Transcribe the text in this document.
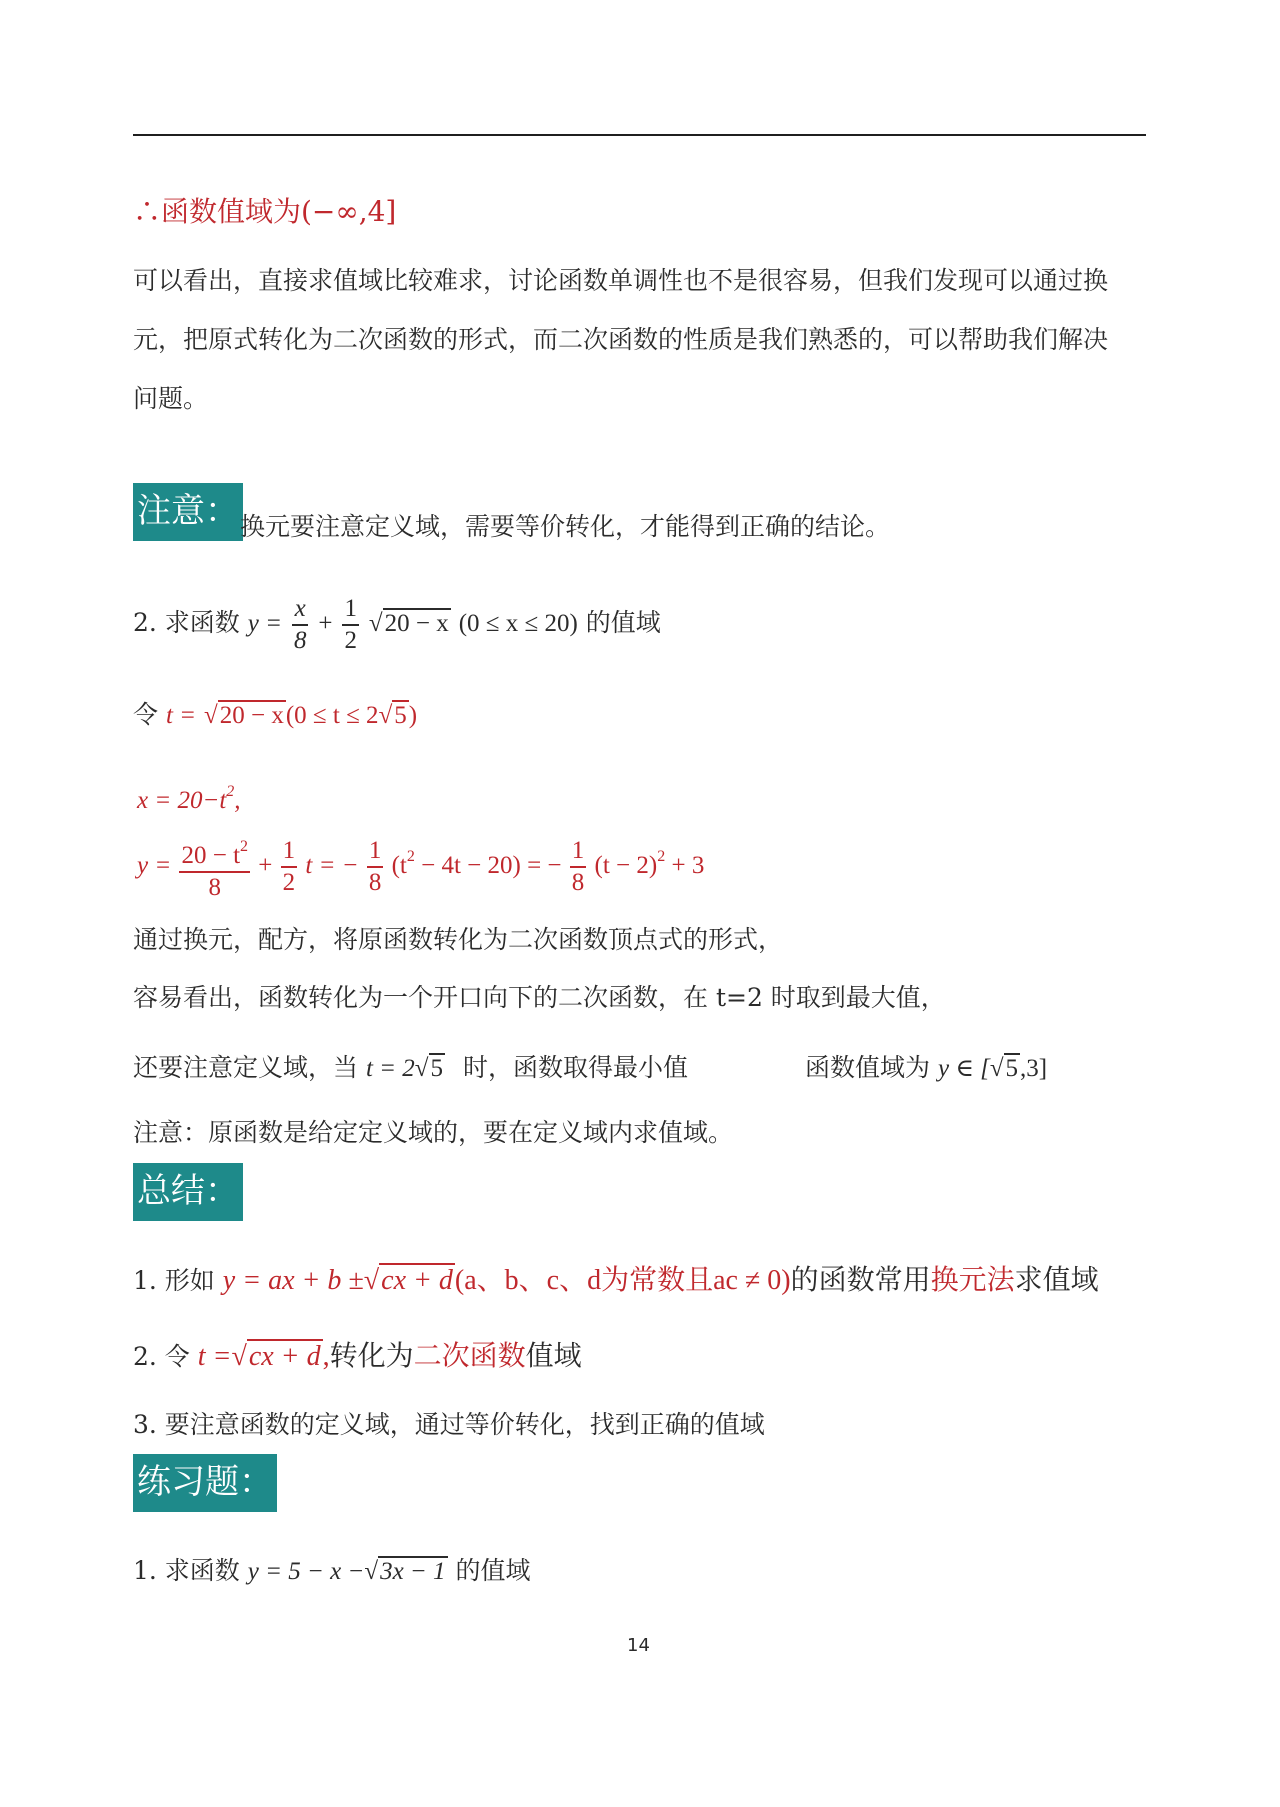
∴函数值域为(−∞,4]
可以看出，直接求值域比较难求，讨论函数单调性也不是很容易，但我们发现可以通过换
元，把原式转化为二次函数的形式，而二次函数的性质是我们熟悉的，可以帮助我们解决
问题。
注意： 换元要注意定义域，需要等价转化，才能得到正确的结论。
2. 求函数 $y = \frac{x}{8} + \frac{1}{2} √20 - x$ (0 ≤ x ≤ 20) 的值域
令 t = √20 − x(0 ≤ t ≤ 2√5)
$x = 20-t^2$,
$y = \frac{20 - t^2}{8} + \frac{1}{2}$ t = − $\frac{1}{8} (t^2 - 4t - 20)$ = − $\frac{1}{8} (t - 2)^2 + 3$
通过换元，配方，将原函数转化为二次函数顶点式的形式，
容易看出，函数转化为一个开口向下的二次函数，在 t=2 时取到最大值，
还要注意定义域，当 t = 2√5 时，函数取得最小值	函数值域为 y ∈ [√5,3]
注意：原函数是给定定义域的，要在定义域内求值域。
总结：
1. 形如 y = ax + b ±√cx + d(a、b、c、d为常数且ac ≠ 0)的函数常用换元法求值域
2. 令 t =√cx + d,转化为二次函数值域
3. 要注意函数的定义域，通过等价转化，找到正确的值域
练习题：
1. 求函数 y = 5 − x −√3x − 1 的值域
14
